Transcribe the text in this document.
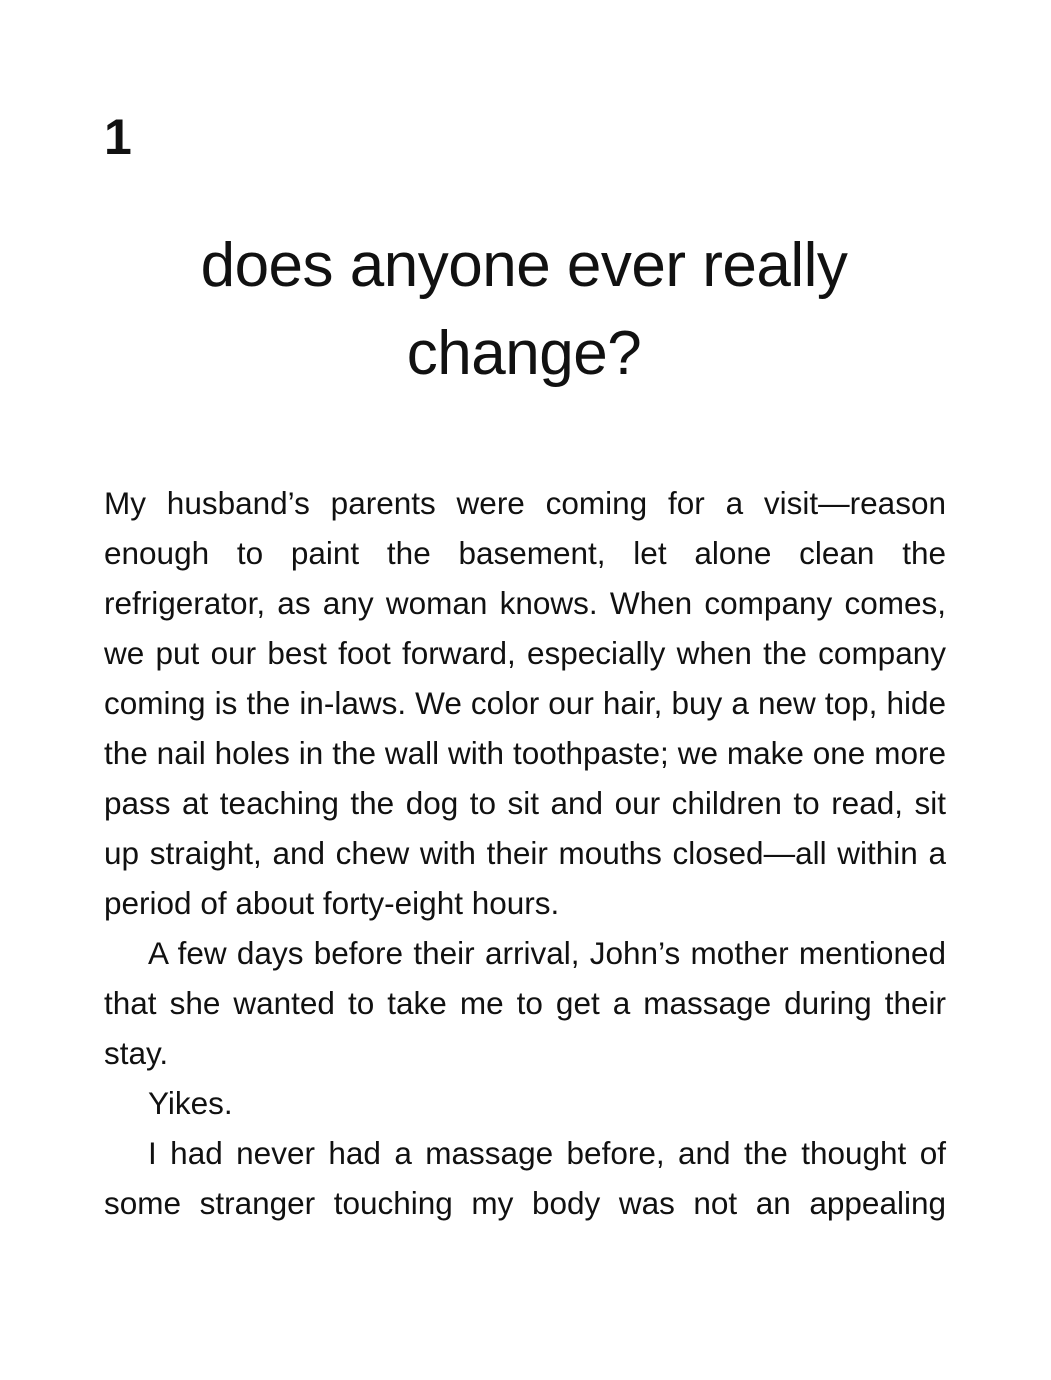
1
does anyone ever really change?

My husband’s parents were coming for a visit—reason enough to paint the basement, let alone clean the refrigerator, as any woman knows. When company comes, we put our best foot forward, especially when the company coming is the in-laws. We color our hair, buy a new top, hide the nail holes in the wall with toothpaste; we make one more pass at teaching the dog to sit and our children to read, sit up straight, and chew with their mouths closed—all within a period of about forty-eight hours.

A few days before their arrival, John’s mother mentioned that she wanted to take me to get a massage during their stay.

Yikes.

I had never had a massage before, and the thought of some stranger touching my body was not an appealing
